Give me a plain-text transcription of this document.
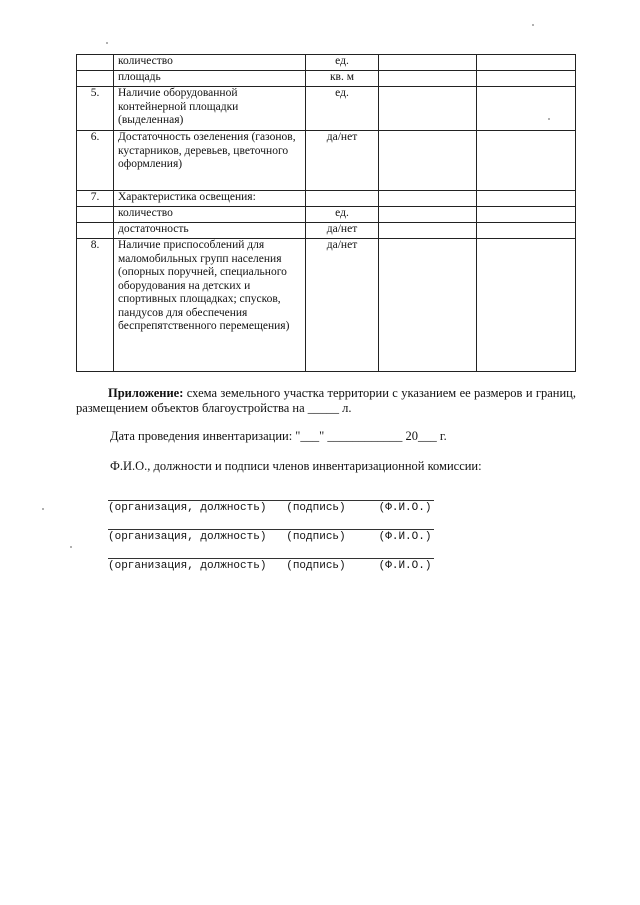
	количество	ед.		
	площадь	кв. м		
5.	Наличие оборудованной контейнерной площадки (выделенная)	ед.		
6.	Достаточность озеленения (газонов, кустарников, деревьев, цветочного оформления)	да/нет		
7.	Характеристика освещения:			
	количество	ед.		
	достаточность	да/нет		
8.	Наличие приспособлений для маломобильных групп населения (опорных поручней, специального оборудования на детских и спортивных площадках; спусков, пандусов для обеспечения беспрепятственного перемещения)	да/нет		
Приложение: схема земельного участка территории с указанием ее размеров и границ, размещением объектов благоустройства на _____ л.
Дата проведения инвентаризации: "___" ____________ 20___ г.
Ф.И.О., должности и подписи членов инвентаризационной комиссии:
(организация, должность)   (подпись)     (Ф.И.О.)
(организация, должность)   (подпись)     (Ф.И.О.)
(организация, должность)   (подпись)     (Ф.И.О.)
